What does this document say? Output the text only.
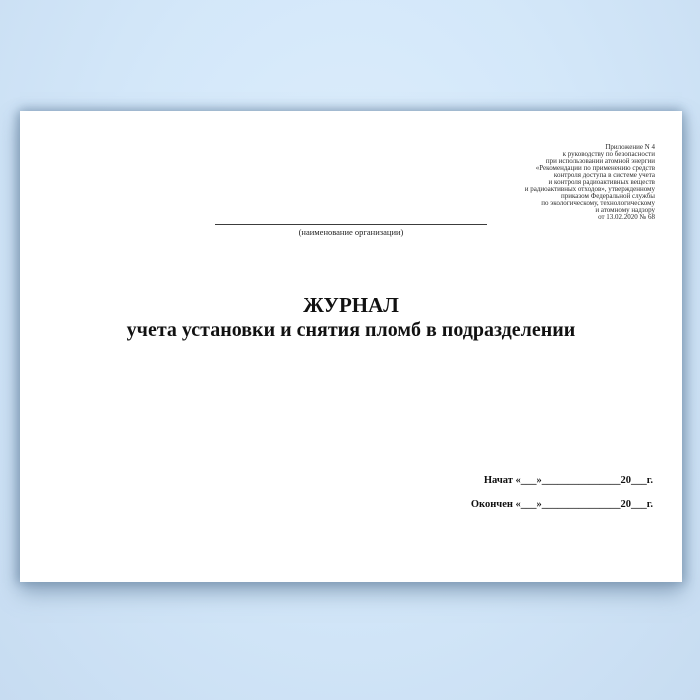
Приложение N 4
к руководству по безопасности
при использовании атомной энергии
«Рекомендации по применению средств
контроля доступа в системе учета
и контроля радиоактивных веществ
и радиоактивных отходов», утвержденному
приказом Федеральной службы
по экологическому, технологическому
и атомному надзору
от 13.02.2020 № 68
(наименование организации)
ЖУРНАЛ
учета установки и снятия пломб в подразделении
Начат «___»_______________20___г.
Окончен «___»_______________20___г.
